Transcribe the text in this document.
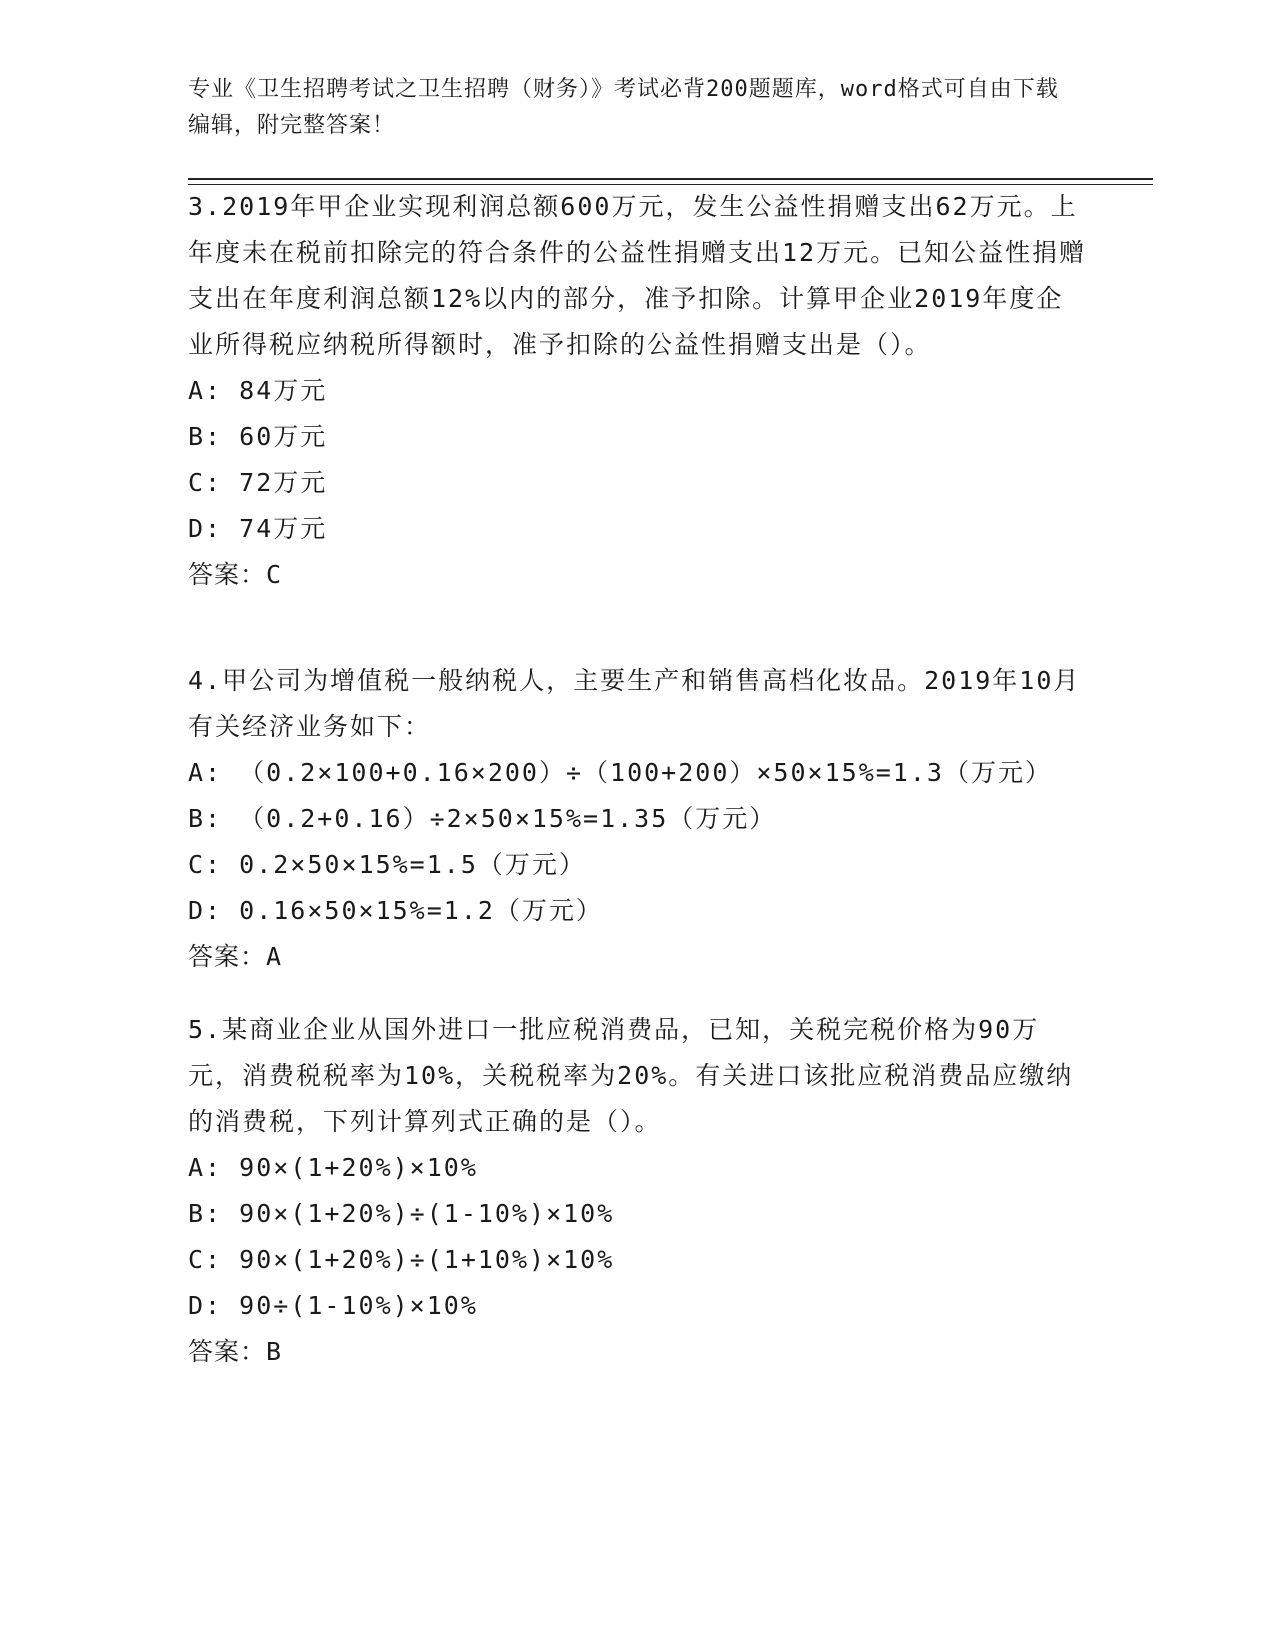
专业《卫生招聘考试之卫生招聘（财务）》考试必背200题题库，word格式可自由下载编辑，附完整答案！
3.2019年甲企业实现利润总额600万元，发生公益性捐赠支出62万元。上年度未在税前扣除完的符合条件的公益性捐赠支出12万元。已知公益性捐赠支出在年度利润总额12%以内的部分，准予扣除。计算甲企业2019年度企业所得税应纳税所得额时，准予扣除的公益性捐赠支出是（）。
A: 84万元
B: 60万元
C: 72万元
D: 74万元
答案：C
4.甲公司为增值税一般纳税人，主要生产和销售高档化妆品。2019年10月有关经济业务如下：
A: （0.2×100+0.16×200）÷（100+200）×50×15%=1.3（万元）
B: （0.2+0.16）÷2×50×15%=1.35（万元）
C: 0.2×50×15%=1.5（万元）
D: 0.16×50×15%=1.2（万元）
答案：A
5.某商业企业从国外进口一批应税消费品，已知，关税完税价格为90万元，消费税税率为10%，关税税率为20%。有关进口该批应税消费品应缴纳的消费税，下列计算列式正确的是（）。
A: 90×(1+20%)×10%
B: 90×(1+20%)÷(1-10%)×10%
C: 90×(1+20%)÷(1+10%)×10%
D: 90÷(1-10%)×10%
答案：B
